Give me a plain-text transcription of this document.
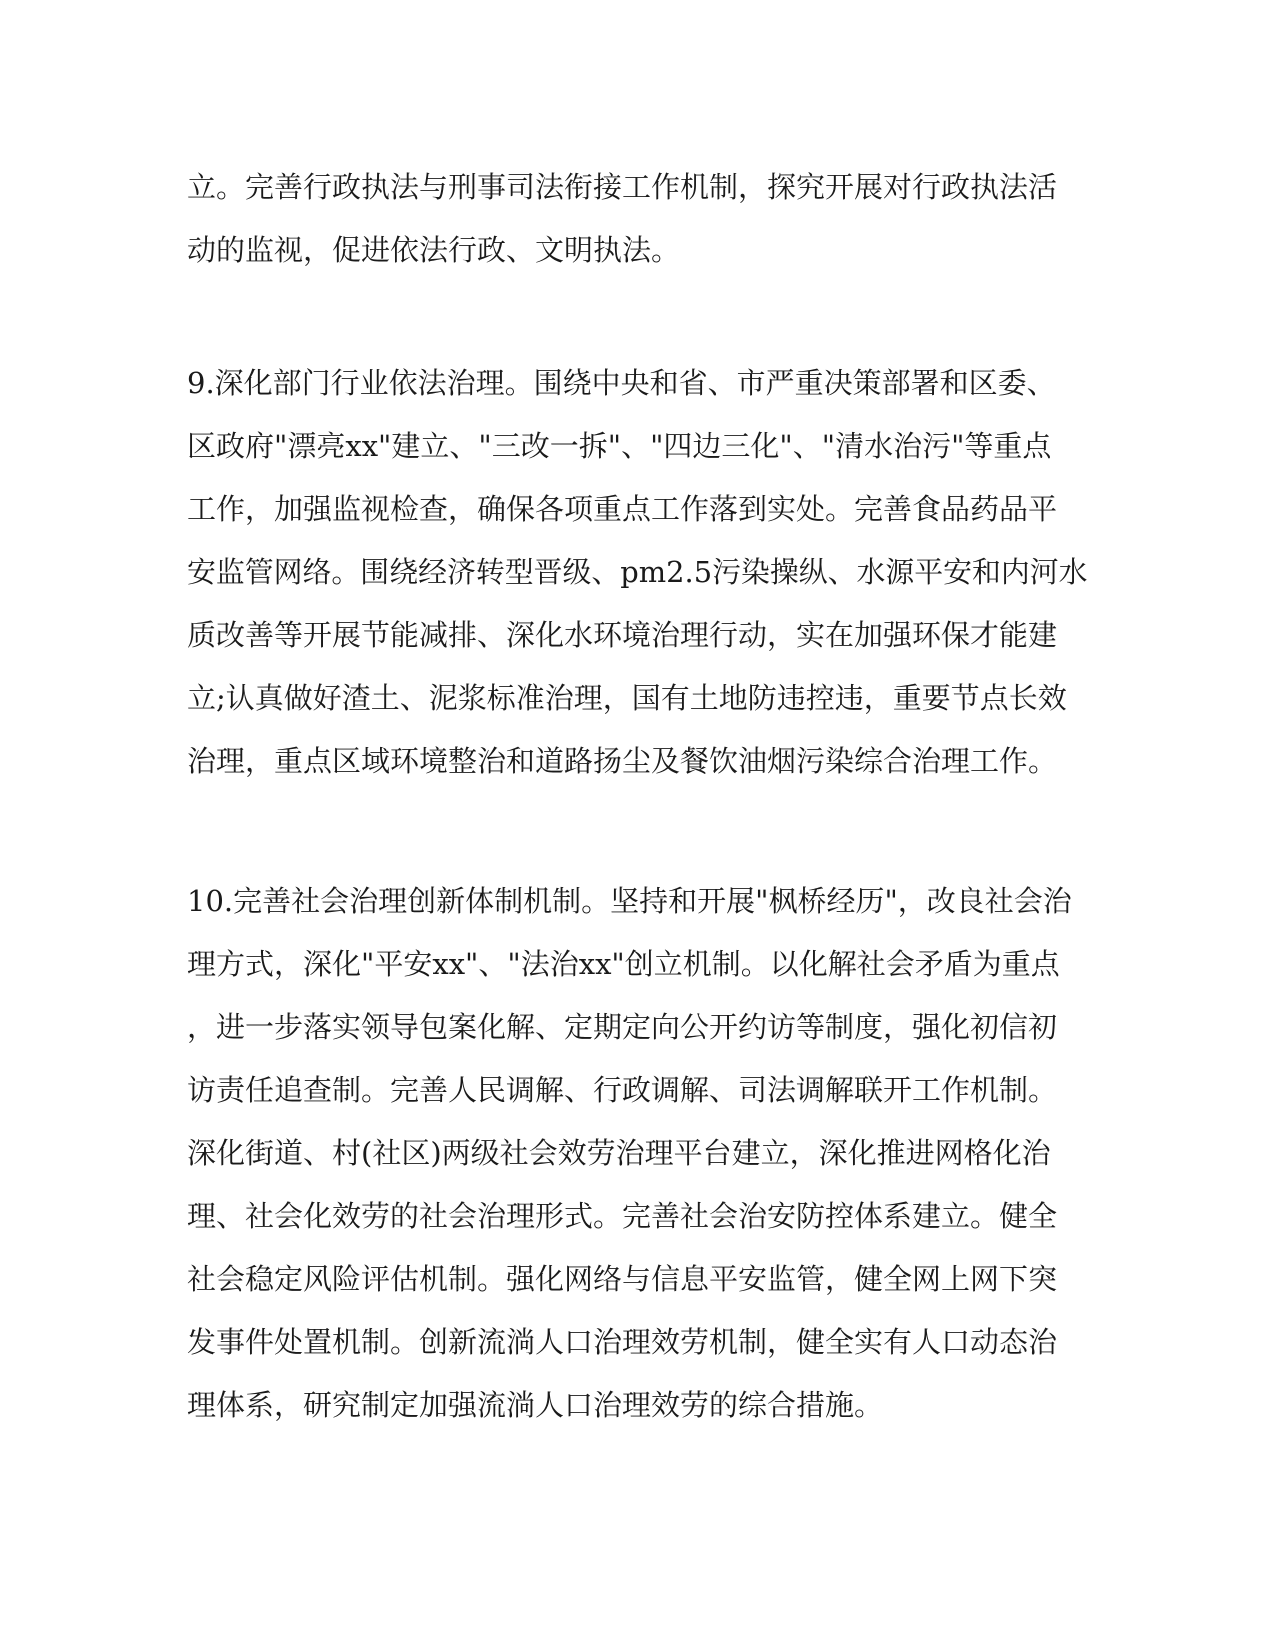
立。完善行政执法与刑事司法衔接工作机制，探究开展对行政执法活
动的监视，促进依法行政、文明执法。

9.深化部门行业依法治理。围绕中央和省、市严重决策部署和区委、
区政府"漂亮xx"建立、"三改一拆"、"四边三化"、"清水治污"等重点
工作，加强监视检查，确保各项重点工作落到实处。完善食品药品平
安监管网络。围绕经济转型晋级、pm2.5污染操纵、水源平安和内河水
质改善等开展节能减排、深化水环境治理行动，实在加强环保才能建
立;认真做好渣土、泥浆标准治理，国有土地防违控违，重要节点长效
治理，重点区域环境整治和道路扬尘及餐饮油烟污染综合治理工作。

10.完善社会治理创新体制机制。坚持和开展"枫桥经历"，改良社会治
理方式，深化"平安xx"、"法治xx"创立机制。以化解社会矛盾为重点
，进一步落实领导包案化解、定期定向公开约访等制度，强化初信初
访责任追查制。完善人民调解、行政调解、司法调解联开工作机制。
深化街道、村(社区)两级社会效劳治理平台建立，深化推进网格化治
理、社会化效劳的社会治理形式。完善社会治安防控体系建立。健全
社会稳定风险评估机制。强化网络与信息平安监管，健全网上网下突
发事件处置机制。创新流淌人口治理效劳机制，健全实有人口动态治
理体系，研究制定加强流淌人口治理效劳的综合措施。
